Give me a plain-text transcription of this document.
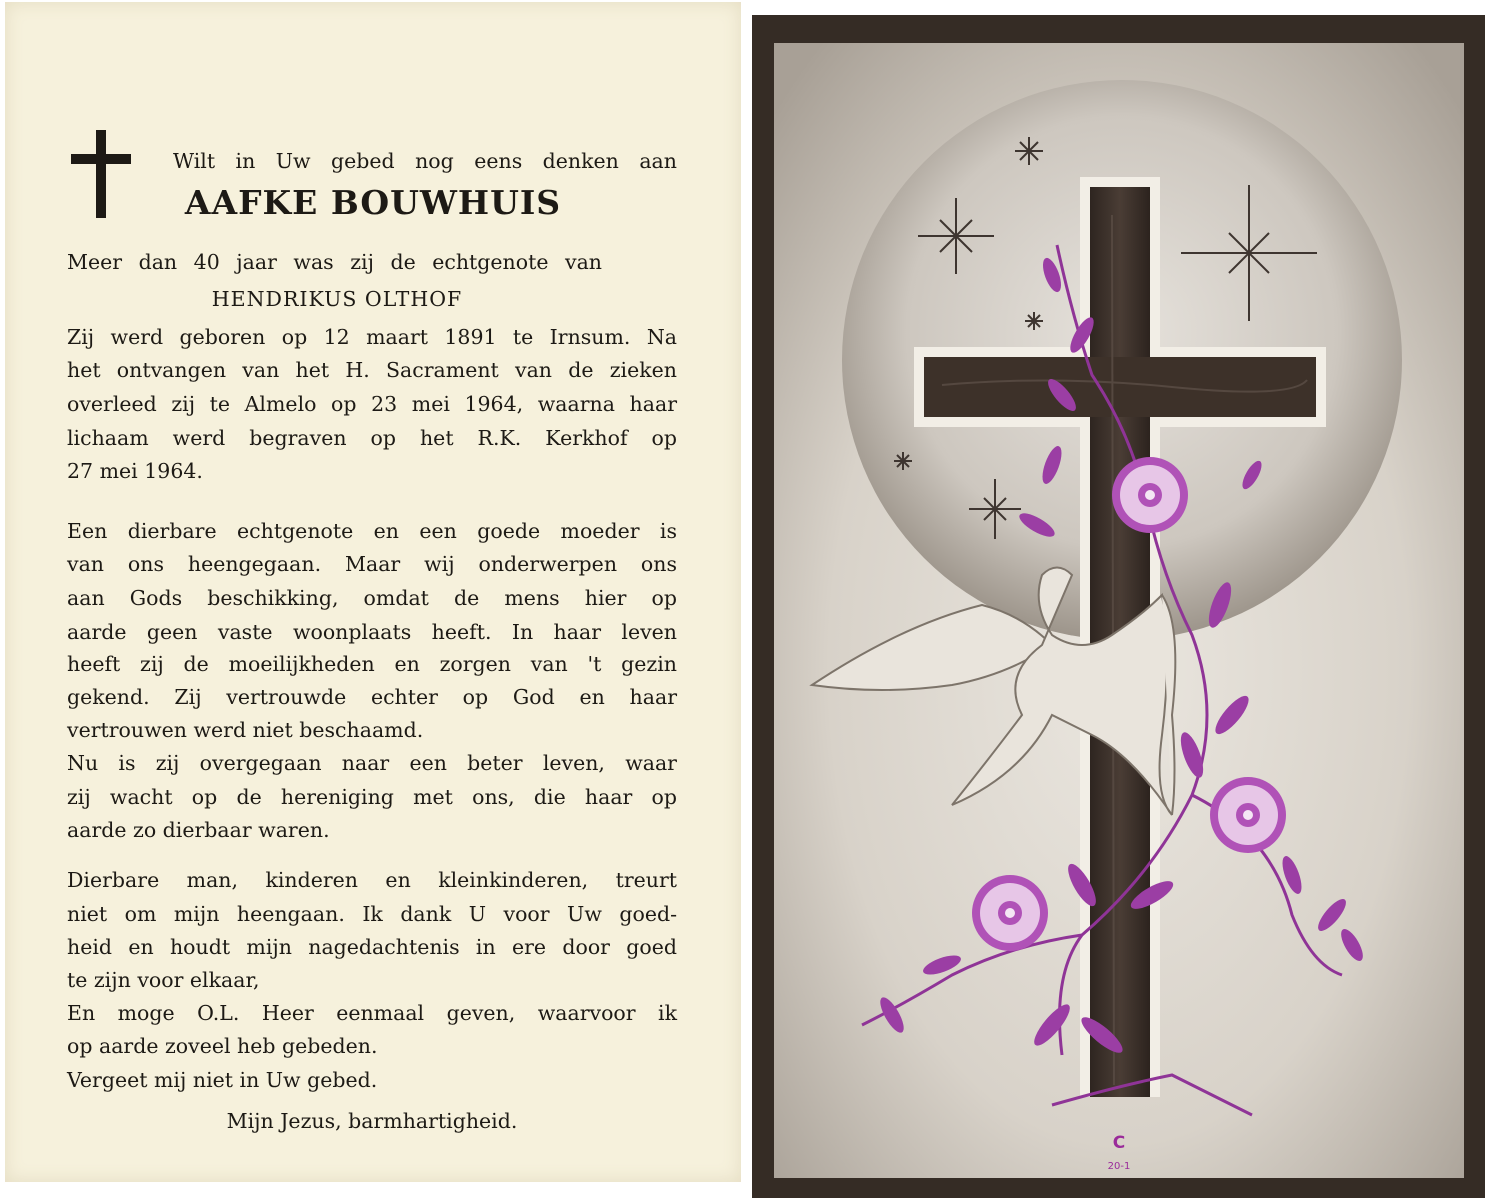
Wilt in Uw gebed nog eens denken aan
AAFKE BOUWHUIS
Meer dan 40 jaar was zij de echtgenote van
HENDRIKUS OLTHOF
Zij werd geboren op 12 maart 1891 te Irnsum. Na
het ontvangen van het H. Sacrament van de zieken
overleed zij te Almelo op 23 mei 1964, waarna haar
lichaam werd begraven op het R.K. Kerkhof op
27 mei 1964.
Een dierbare echtgenote en een goede moeder is
van ons heengegaan. Maar wij onderwerpen ons
aan Gods beschikking, omdat de mens hier op
aarde geen vaste woonplaats heeft. In haar leven
heeft zij de moeilijkheden en zorgen van 't gezin
gekend. Zij vertrouwde echter op God en haar
vertrouwen werd niet beschaamd.
Nu is zij overgegaan naar een beter leven, waar
zij wacht op de hereniging met ons, die haar op
aarde zo dierbaar waren.
Dierbare man, kinderen en kleinkinderen, treurt
niet om mijn heengaan. Ik dank U voor Uw goed-
heid en houdt mijn nagedachtenis in ere door goed
te zijn voor elkaar,
En moge O.L. Heer eenmaal geven, waarvoor ik
op aarde zoveel heb gebeden.
Vergeet mij niet in Uw gebed.
Mijn Jezus, barmhartigheid.
C
20-1
